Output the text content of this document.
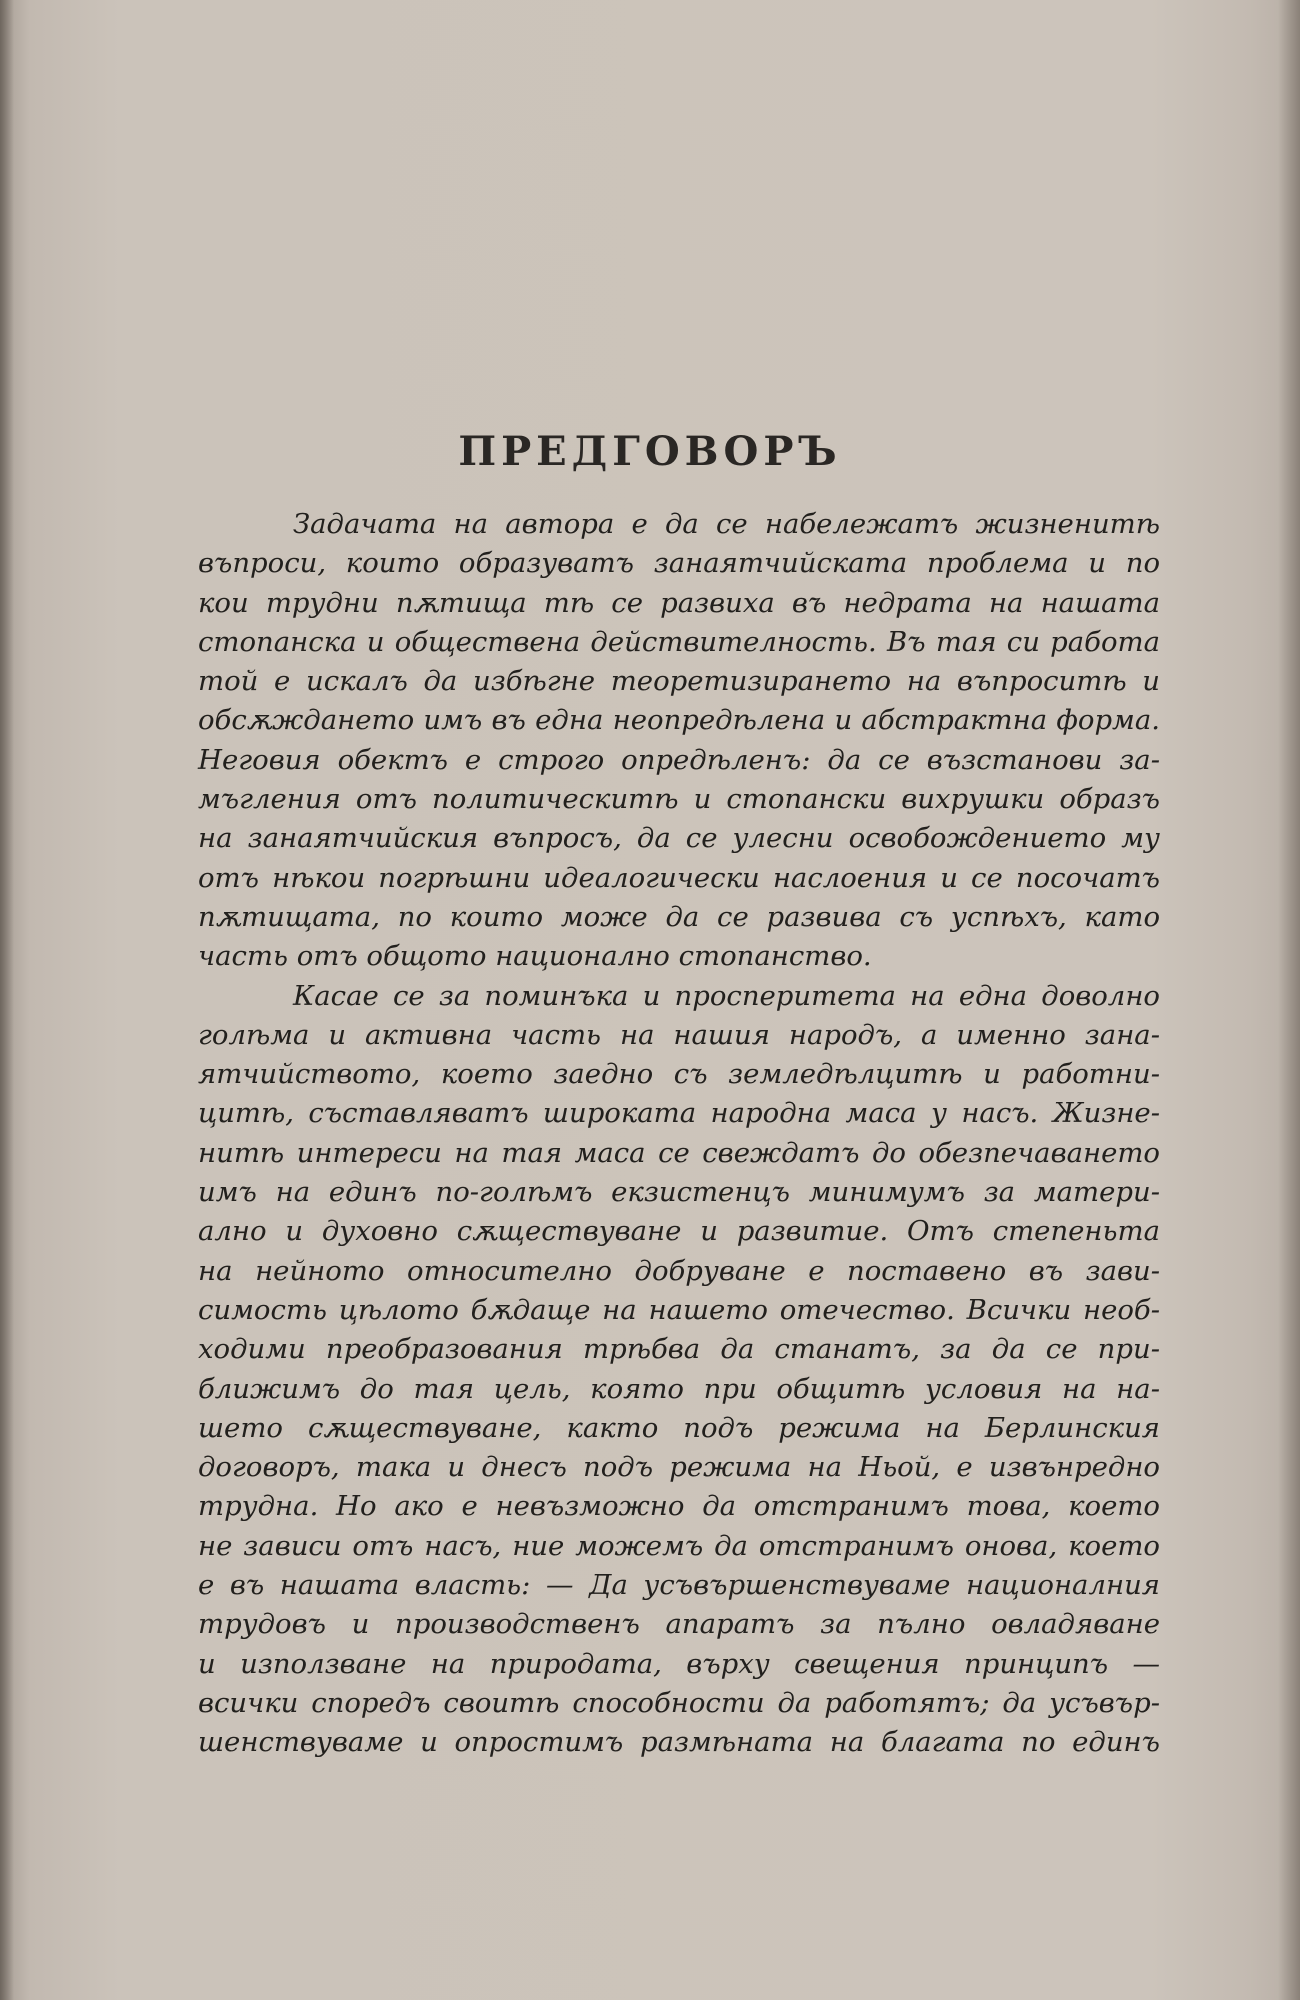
ПРЕДГОВОРЪ
Задачата на автора е да се набележатъ жизненитѣ
въпроси, които образуватъ занаятчийската проблема и по
кои трудни пѫтища тѣ се развиха въ недрата на нашата
стопанска и обществена действителность. Въ тая си работа
той е искалъ да избѣгне теоретизирането на въпроситѣ и
обсѫждането имъ въ една неопредѣлена и абстрактна форма.
Неговия обектъ е строго опредѣленъ: да се възстанови за-
мъгления отъ политическитѣ и стопански вихрушки образъ
на занаятчийския въпросъ, да се улесни освобождението му
отъ нѣкои погрѣшни идеалогически наслоения и се посочатъ
пѫтищата, по които може да се развива съ успѣхъ, като
часть отъ общото национално стопанство.
Касае се за поминъка и просперитета на една доволно
голѣма и активна часть на нашия народъ, а именно зана-
ятчийството, което заедно съ земледѣлцитѣ и работни-
цитѣ, съставляватъ широката народна маса у насъ. Жизне-
нитѣ интереси на тая маса се свеждатъ до обезпечаването
имъ на единъ по-голѣмъ екзистенцъ минимумъ за матери-
ално и духовно сѫществуване и развитие. Отъ степеньта
на нейното относително добруване е поставено въ зави-
симость цѣлото бѫдаще на нашето отечество. Всички необ-
ходими преобразования трѣбва да станатъ, за да се при-
ближимъ до тая цель, която при общитѣ условия на на-
шето сѫществуване, както подъ режима на Берлинския
договоръ, така и днесъ подъ режима на Ньой, е извънредно
трудна. Но ако е невъзможно да отстранимъ това, което
не зависи отъ насъ, ние можемъ да отстранимъ онова, което
е въ нашата власть: — Да усъвършенствуваме националния
трудовъ и производственъ апаратъ за пълно овладяване
и използване на природата, върху свещения принципъ —
всички споредъ своитѣ способности да работятъ; да усъвър-
шенствуваме и опростимъ размѣната на благата по единъ
